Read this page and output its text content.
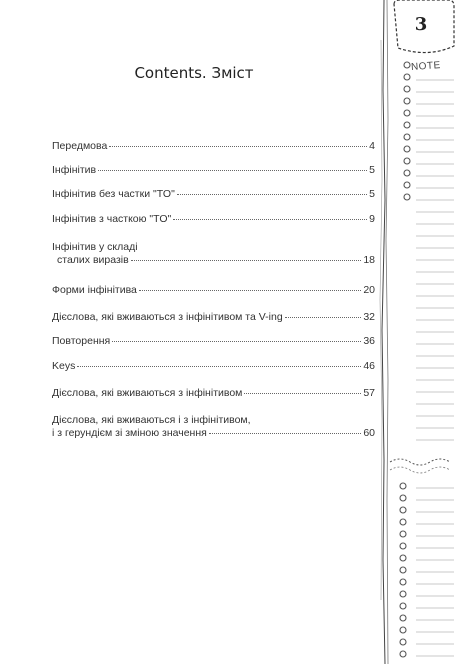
Contents. Зміст
Передмова	4
Інфінітив	5
Інфінітив без частки "TO"	5
Інфінітив з часткою "TO"	9
Інфінітив у складі
сталих виразів	18
Форми інфінітива	20
Дієслова, які вживаються з інфінітивом та V-ing	32
Повторення	36
Keys	46
Дієслова, які вживаються з інфінітивом	57
Дієслова, які вживаються і з інфінітивом,
і з герундієм зі зміною значення	60
3
NOTE
